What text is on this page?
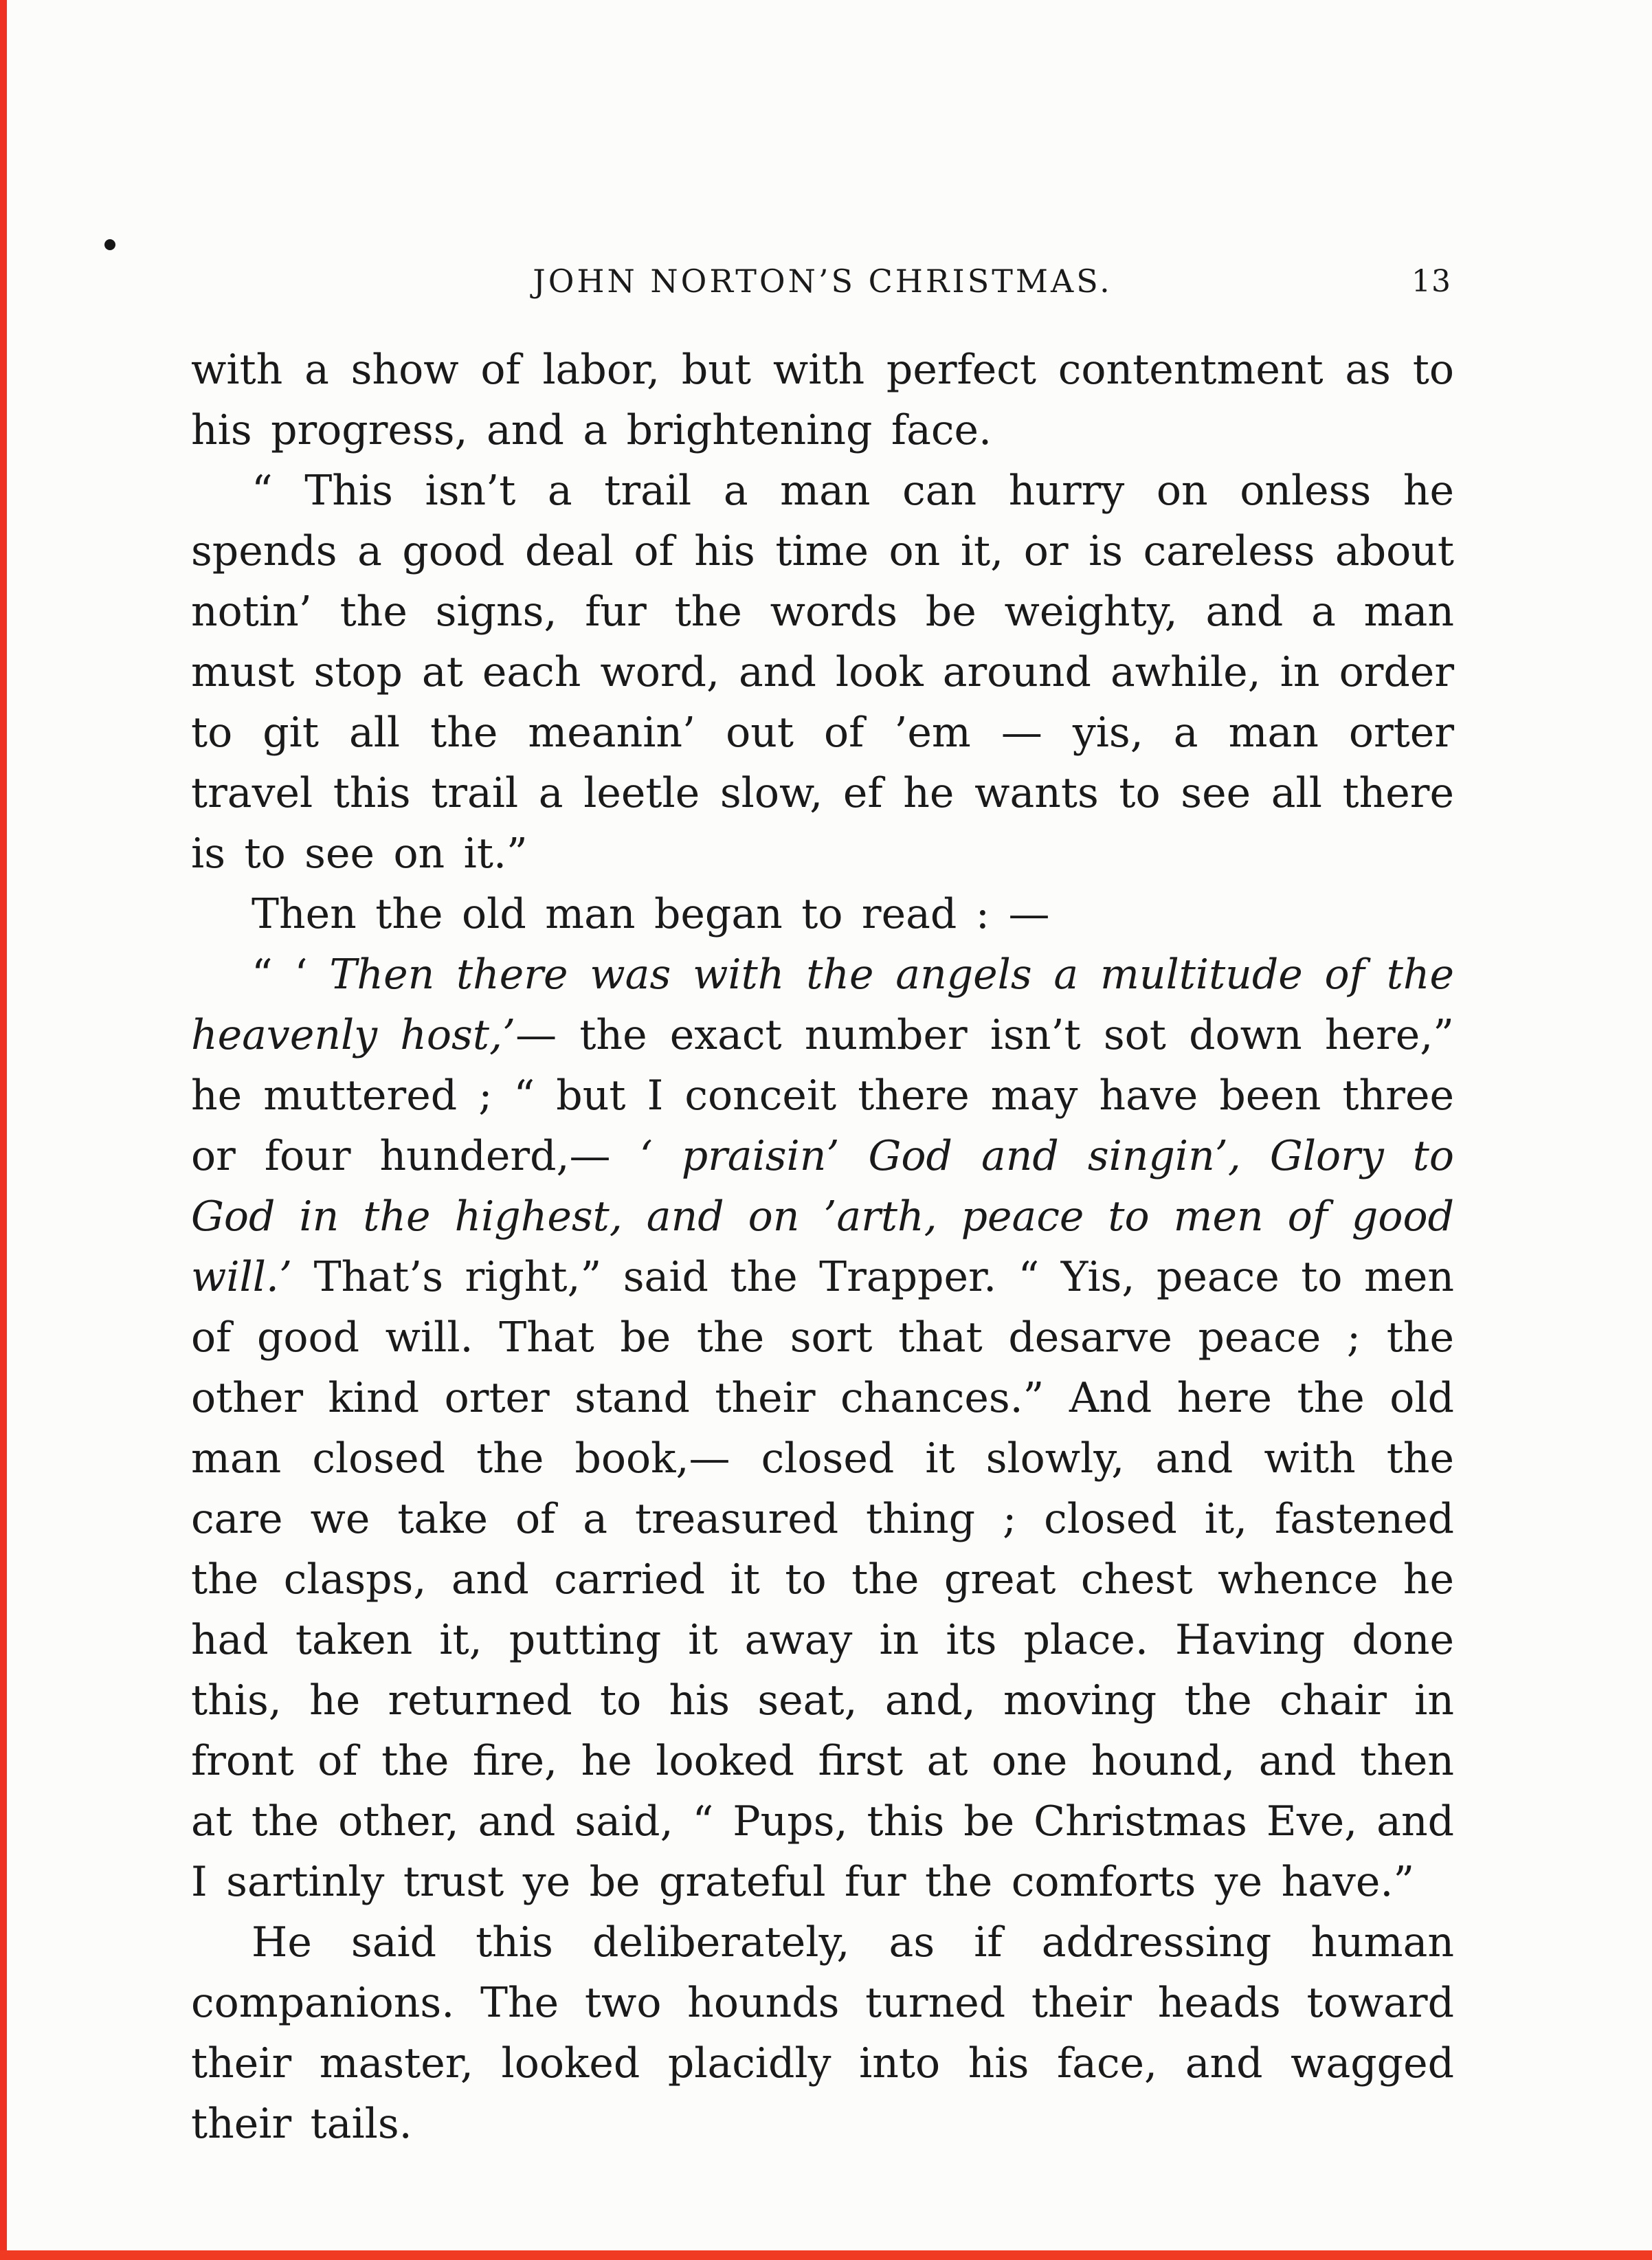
JOHN NORTON’S CHRISTMAS.	13

with a show of labor, but with perfect contentment as to his progress, and a brightening face.

“ This isn’t a trail a man can hurry on onless he spends a good deal of his time on it, or is careless about notin’ the signs, fur the words be weighty, and a man must stop at each word, and look around awhile, in order to git all the meanin’ out of ’em — yis, a man orter travel this trail a leetle slow, ef he wants to see all there is to see on it.”

Then the old man began to read : —

“ ‘ Then there was with the angels a multitude of the heavenly host,’— the exact number isn’t sot down here,” he muttered ; “ but I conceit there may have been three or four hunderd,— ‘ praisin’ God and singin’, Glory to God in the highest, and on ’arth, peace to men of good will.’ That’s right,” said the Trapper. “ Yis, peace to men of good will. That be the sort that desarve peace ; the other kind orter stand their chances.” And here the old man closed the book,— closed it slowly, and with the care we take of a treasured thing ; closed it, fastened the clasps, and carried it to the great chest whence he had taken it, putting it away in its place. Having done this, he returned to his seat, and, moving the chair in front of the fire, he looked first at one hound, and then at the other, and said, “ Pups, this be Christmas Eve, and I sartinly trust ye be grateful fur the comforts ye have.”

He said this deliberately, as if addressing human companions. The two hounds turned their heads toward their master, looked placidly into his face, and wagged their tails.
